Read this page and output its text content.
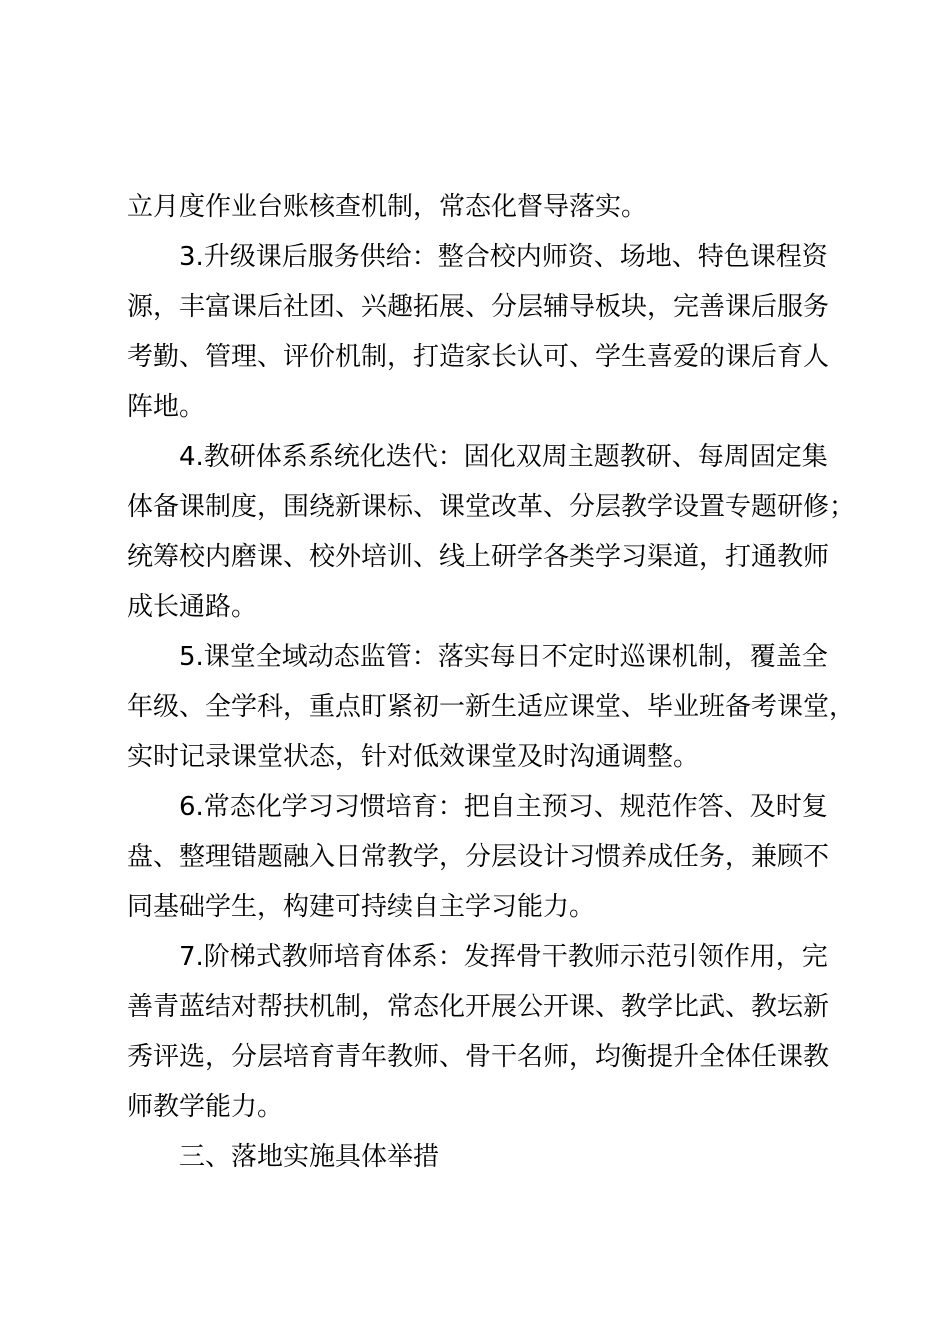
立月度作业台账核查机制，常态化督导落实。
3.升级课后服务供给：整合校内师资、场地、特色课程资
源，丰富课后社团、兴趣拓展、分层辅导板块，完善课后服务
考勤、管理、评价机制，打造家长认可、学生喜爱的课后育人
阵地。
4.教研体系系统化迭代：固化双周主题教研、每周固定集
体备课制度，围绕新课标、课堂改革、分层教学设置专题研修；
统筹校内磨课、校外培训、线上研学各类学习渠道，打通教师
成长通路。
5.课堂全域动态监管：落实每日不定时巡课机制，覆盖全
年级、全学科，重点盯紧初一新生适应课堂、毕业班备考课堂，
实时记录课堂状态，针对低效课堂及时沟通调整。
6.常态化学习习惯培育：把自主预习、规范作答、及时复
盘、整理错题融入日常教学，分层设计习惯养成任务，兼顾不
同基础学生，构建可持续自主学习能力。
7.阶梯式教师培育体系：发挥骨干教师示范引领作用，完
善青蓝结对帮扶机制，常态化开展公开课、教学比武、教坛新
秀评选，分层培育青年教师、骨干名师，均衡提升全体任课教
师教学能力。
三、落地实施具体举措
